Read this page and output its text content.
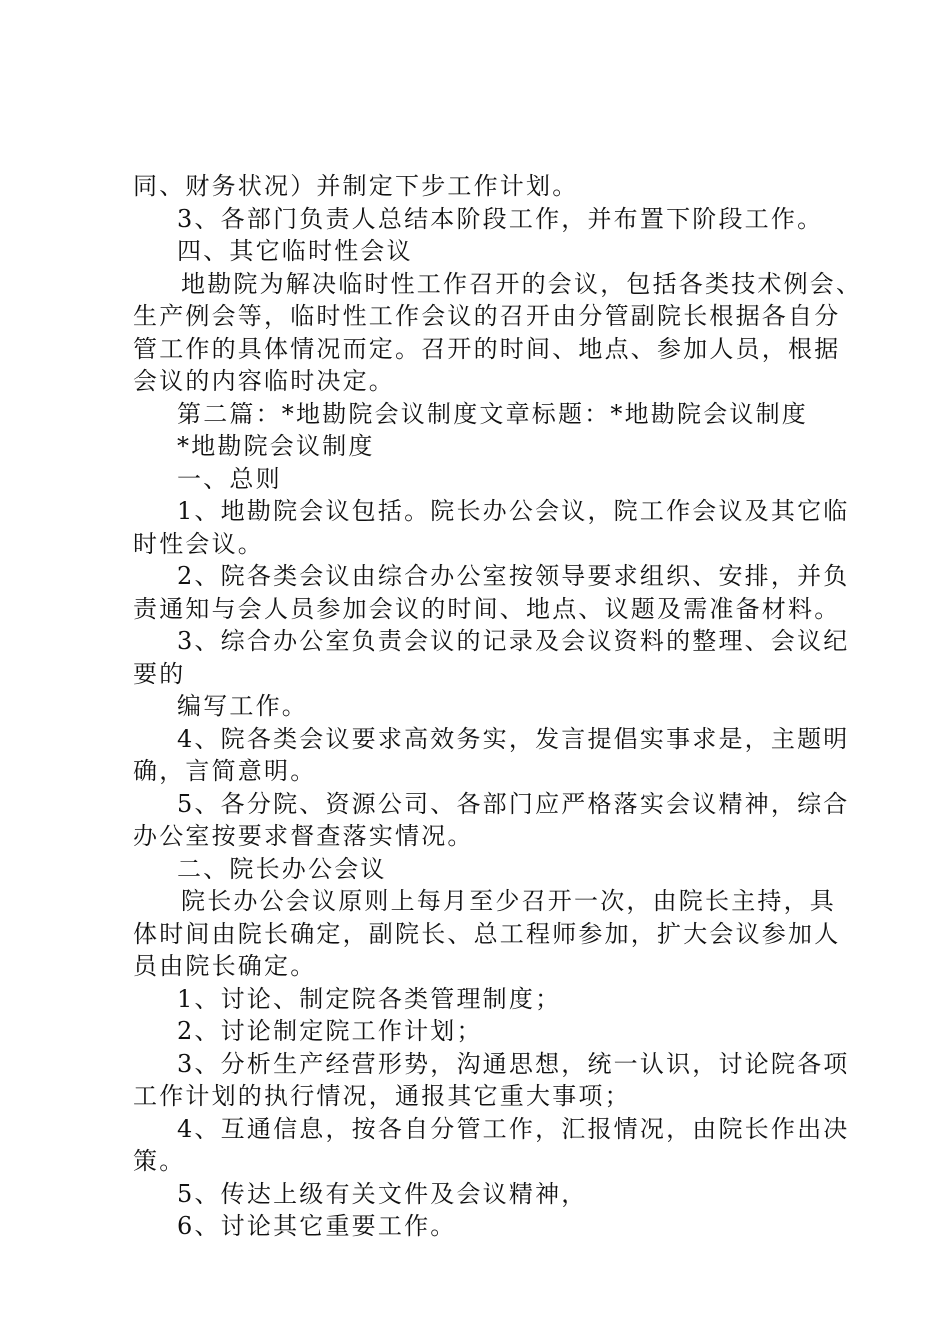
同、财务状况）并制定下步工作计划。
3、各部门负责人总结本阶段工作，并布置下阶段工作。
四、其它临时性会议
地勘院为解决临时性工作召开的会议，包括各类技术例会、
生产例会等，临时性工作会议的召开由分管副院长根据各自分
管工作的具体情况而定。召开的时间、地点、参加人员，根据
会议的内容临时决定。
第二篇：*地勘院会议制度文章标题：*地勘院会议制度
*地勘院会议制度
一、总则
1、地勘院会议包括。院长办公会议，院工作会议及其它临
时性会议。
2、院各类会议由综合办公室按领导要求组织、安排，并负
责通知与会人员参加会议的时间、地点、议题及需准备材料。
3、综合办公室负责会议的记录及会议资料的整理、会议纪
要的
编写工作。
4、院各类会议要求高效务实，发言提倡实事求是，主题明
确，言简意明。
5、各分院、资源公司、各部门应严格落实会议精神，综合
办公室按要求督查落实情况。
二、院长办公会议
院长办公会议原则上每月至少召开一次，由院长主持，具
体时间由院长确定，副院长、总工程师参加，扩大会议参加人
员由院长确定。
1、讨论、制定院各类管理制度；
2、讨论制定院工作计划；
3、分析生产经营形势，沟通思想，统一认识，讨论院各项
工作计划的执行情况，通报其它重大事项；
4、互通信息，按各自分管工作，汇报情况，由院长作出决
策。
5、传达上级有关文件及会议精神，
6、讨论其它重要工作。
